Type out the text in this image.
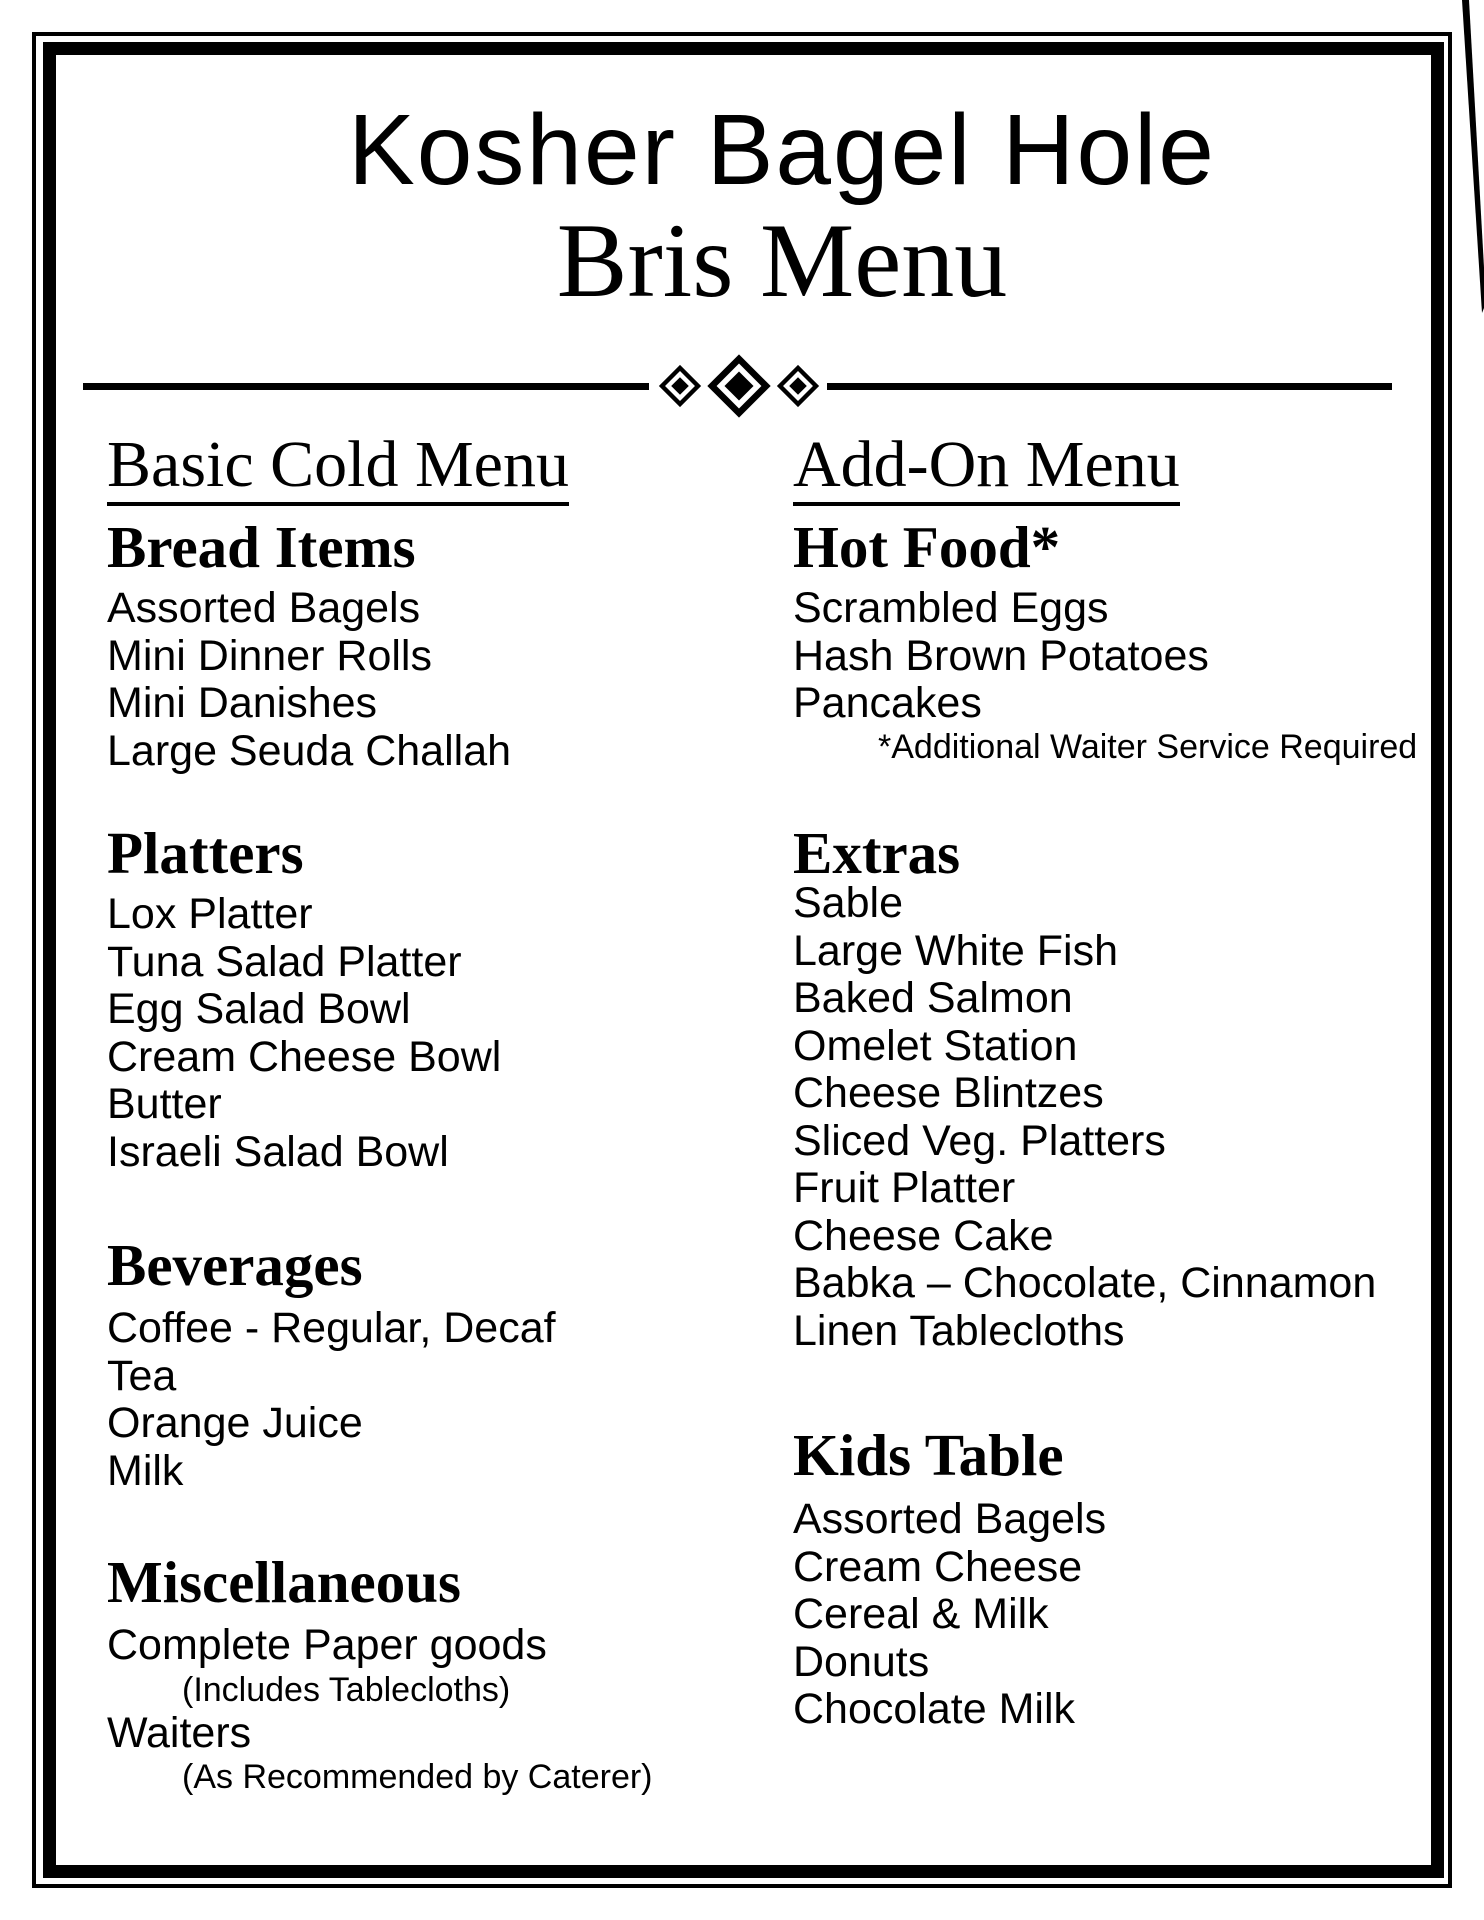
Kosher Bagel Hole
Bris Menu
Basic Cold Menu
Bread Items
Assorted Bagels
Mini Dinner Rolls
Mini Danishes
Large Seuda Challah
Platters
Lox Platter
Tuna Salad Platter
Egg Salad Bowl
Cream Cheese Bowl
Butter
Israeli Salad Bowl
Beverages
Coffee - Regular, Decaf
Tea
Orange Juice
Milk
Miscellaneous
Complete Paper goods
(Includes Tablecloths)
Waiters
(As Recommended by Caterer)
Add-On Menu
Hot Food*
Scrambled Eggs
Hash Brown Potatoes
Pancakes

*Additional Waiter Service Required

Extras
Sable
Large White Fish
Baked Salmon
Omelet Station
Cheese Blintzes
Sliced Veg. Platters
Fruit Platter
Cheese Cake
Babka – Chocolate, Cinnamon
Linen Tablecloths
Kids Table
Assorted Bagels
Cream Cheese
Cereal & Milk
Donuts
Chocolate Milk
